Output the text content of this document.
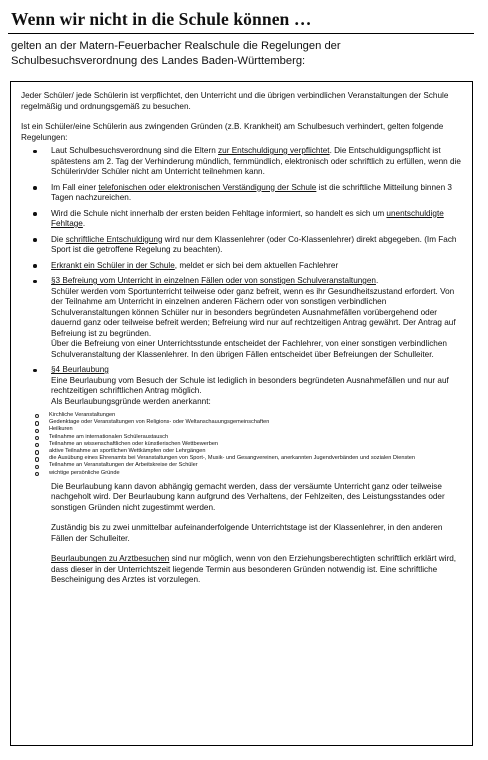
Wenn wir nicht in die Schule können …

gelten an der Matern-Feuerbacher Realschule die Regelungen der Schulbesuchsverordnung des Landes Baden-Württemberg:

Jeder Schüler/ jede Schülerin ist verpflichtet, den Unterricht und die übrigen verbindlichen Veranstaltungen der Schule regelmäßig und ordnungsgemäß zu besuchen.

Ist ein Schüler/eine Schülerin aus zwingenden Gründen (z.B. Krankheit) am Schulbesuch verhindert, gelten folgende Regelungen:

Laut Schulbesuchsverordnung sind die Eltern zur Entschuldigung verpflichtet. Die Entschuldigungspflicht ist spätestens am 2. Tag der Verhinderung mündlich, fernmündlich, elektronisch oder schriftlich zu erfüllen, wenn die Schülerin/der Schüler nicht am Unterricht teilnehmen kann.
Im Fall einer telefonischen oder elektronischen Verständigung der Schule ist die schriftliche Mitteilung binnen 3 Tagen nachzureichen.
Wird die Schule nicht innerhalb der ersten beiden Fehltage informiert, so handelt es sich um unentschuldigte Fehltage.
Die schriftliche Entschuldigung wird nur dem Klassenlehrer (oder Co-Klassenlehrer) direkt abgegeben. (Im Fach Sport ist die getroffene Regelung zu beachten).
Erkrankt ein Schüler in der Schule, meldet er sich bei dem aktuellen Fachlehrer
§3 Befreiung vom Unterricht in einzelnen Fällen oder von sonstigen Schulveranstaltungen.

Schüler werden vom Sportunterricht teilweise oder ganz befreit, wenn es ihr Gesundheitszustand erfordert. Von der Teilnahme am Unterricht in einzelnen anderen Fächern oder von sonstigen verbindlichen Schulveranstaltungen können Schüler nur in besonders begründeten Ausnahmefällen vorübergehend oder dauernd ganz oder teilweise befreit werden; Befreiung wird nur auf rechtzeitigen Antrag gewährt. Der Antrag auf Befreiung ist zu begründen.

Über die Befreiung von einer Unterrichtsstunde entscheidet der Fachlehrer, von einer sonstigen verbindlichen Schulveranstaltung der Klassenlehrer. In den übrigen Fällen entscheidet über Befreiungen der Schulleiter.

§4 Beurlaubung

Eine Beurlaubung vom Besuch der Schule ist lediglich in besonders begründeten Ausnahmefällen und nur auf rechtzeitigen schriftlichen Antrag möglich.

Als Beurlaubungsgründe werden anerkannt:

Kirchliche Veranstaltungen
Gedenktage oder Veranstaltungen von Religions- oder Weltanschauungsgemeinschaften
Heilkuren
Teilnahme am internationalen Schüleraustausch
Teilnahme an wissenschaftlichen oder künstlerischen Wettbewerben
aktive Teilnahme an sportlichen Wettkämpfen oder Lehrgängen
die Ausübung eines Ehrenamts bei Veranstaltungen von Sport-, Musik- und Gesangvereinen, anerkannten Jugendverbänden und sozialen Diensten
Teilnahme an Veranstaltungen der Arbeitskreise der Schüler
wichtige persönliche Gründe

Die Beurlaubung kann davon abhängig gemacht werden, dass der versäumte Unterricht ganz oder teilweise nachgeholt wird. Der Beurlaubung kann aufgrund des Verhaltens, der Fehlzeiten, des Leistungsstandes oder sonstigen Gründen nicht zugestimmt werden.

Zuständig bis zu zwei unmittelbar aufeinanderfolgende Unterrichtstage ist der Klassenlehrer, in den anderen Fällen der Schulleiter.

Beurlaubungen zu Arztbesuchen sind nur möglich, wenn von den Erziehungsberechtigten schriftlich erklärt wird, dass dieser in der Unterrichtszeit liegende Termin aus besonderen Gründen notwendig ist. Eine schriftliche Bescheinigung des Arztes ist vorzulegen.
